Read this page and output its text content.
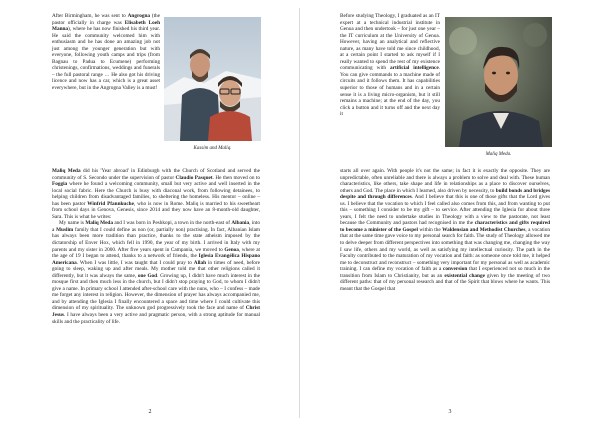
After Birmingham, he was sent to Angrogna (the pastor officially in charge was Elisabeth Loeh Manna), where he has now finished his third year. He said the community welcomed him with enthusiasm and he has done an amazing job not just among the younger generation but with everyone, following youth camps and trips (from Bagnau to Padua to Ecumene) performing christenings, confirmations, weddings and funerals – the full pastoral range … He also got his driving licence and now has a car, which is a great asset everywhere, but in the Angrogna Valley is a must!

Kassim and Maliq.

Maliq Meda did his 'Year abroad' in Edinburgh with the Church of Scotland and served the community of S. Secondo under the supervision of pastor Claudio Pasquet. He then moved on to Foggia where he found a welcoming community, small but very active and well inserted in the local social fabric. Here the Church is busy with diaconal work, from following detainees, to helping children from disadvantaged families, to sheltering the homeless. His mentor – online – has been pastor Winfrid Pfannkuche, who is now in Rome. Maliq is married to his sweetheart from school days in Genova, Genesis, since 2014 and they now have an 8-month-old daughter, Sara. This is what he writes:

My name is Maliq Meda and I was born in Peshkopi, a town in the north-east of Albania, into a Muslim family that I could define as non (or, partially non) practising. In fact, Albanian Islam has always been more tradition than practice, thanks to the state atheism imposed by the dictatorship of Enver Hox, which fell in 1990, the year of my birth. I arrived in Italy with my parents and my sister in 2000. After five years spent in Campania, we moved to Genoa, where at the age of 19 I began to attend, thanks to a network of friends, the Iglesia Evangélica Hispano Americana. When I was little, I was taught that I could pray to Allah in times of need, before going to sleep, waking up and after meals. My mother told me that other religions called it differently, but it was always the same, one God. Growing up, I didn't have much interest in the mosque first and then much less in the church, but I didn't stop praying to God, to whom I didn't give a name. In primary school I attended after-school care with the nuns, who – I confess – made me forget any interest in religion. However, the dimension of prayer has always accompanied me, and by attending the Iglesia I finally encountered a space and time where I could cultivate this dimension of my spirituality. The unknown god progressively took the face and name of Christ Jesus. I have always been a very active and pragmatic person, with a strong aptitude for manual skills and the practicality of life.

2

Before studying Theology, I graduated as an IT expert at a technical industrial institute in Genoa and then undertook – for just one year – the IT curriculum at the University of Genoa. However, having an analytical and reflective nature, as many have told me since childhood, at a certain point I started to ask myself if I really wanted to spend the rest of my existence communicating with artificial intelligence. You can give commands to a machine made of circuits and it follows them. It has capabilities superior to those of humans and in a certain sense it is a living micro-organism, but it still remains a machine; at the end of the day, you click a button and it turns off and the next day it

Maliq Meda.

starts all over again. With people it's not the same; in fact it is exactly the opposite. They are unpredictable, often unreliable and there is always a problem to solve and deal with. These human characteristics, like others, take shape and life in relationships as a place to discover ourselves, others and God. The place in which I learned, also driven by necessity, to build bonds and bridges despite and through differences. And I believe that this is one of those gifts that the Lord gives us. I believe that the vocation to which I feel called also comes from this, and from wanting to put this – something I consider to be my gift – to service. After attending the Iglesia for about three years, I felt the need to undertake studies in Theology with a view to the pastorate, not least because the Community and pastors had recognised in me the characteristics and gifts required to become a minister of the Gospel within the Waldensian and Methodist Churches, a vocation that at the same time gave voice to my personal search for faith. The study of Theology allowed me to delve deeper from different perspectives into something that was changing me, changing the way I saw life, others and my world, as well as satisfying my intellectual curiosity. The path in the Faculty contributed to the maturation of my vocation and faith: as someone once told me, it helped me to deconstruct and reconstruct – something very important for my personal as well as academic training. I can define my vocation of faith as a conversion that I experienced not so much in the transition from Islam to Christianity, but as an existential change given by the meeting of two different paths: that of my personal research and that of the Spirit that blows where he wants. This meant that the Gospel that

3
